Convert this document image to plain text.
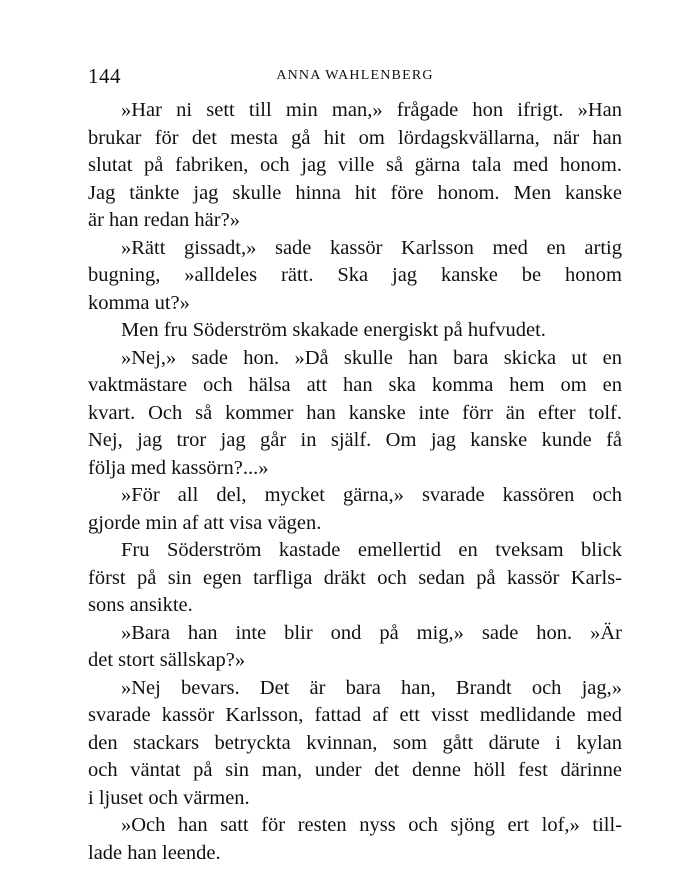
144	ANNA WAHLENBERG
»Har ni sett till min man,» frågade hon ifrigt. »Han
brukar för det mesta gå hit om lördagskvällarna, när han
slutat på fabriken, och jag ville så gärna tala med honom.
Jag tänkte jag skulle hinna hit före honom. Men kanske
är han redan här?»
»Rätt gissadt,» sade kassör Karlsson med en artig
bugning, »alldeles rätt. Ska jag kanske be honom
komma ut?»
Men fru Söderström skakade energiskt på hufvudet.
»Nej,» sade hon. »Då skulle han bara skicka ut en
vaktmästare och hälsa att han ska komma hem om en
kvart. Och så kommer han kanske inte förr än efter tolf.
Nej, jag tror jag går in själf. Om jag kanske kunde få
följa med kassörn?...»
»För all del, mycket gärna,» svarade kassören och
gjorde min af att visa vägen.
Fru Söderström kastade emellertid en tveksam blick
först på sin egen tarfliga dräkt och sedan på kassör Karls-
sons ansikte.
»Bara han inte blir ond på mig,» sade hon. »Är
det stort sällskap?»
»Nej bevars. Det är bara han, Brandt och jag,»
svarade kassör Karlsson, fattad af ett visst medlidande med
den stackars betryckta kvinnan, som gått därute i kylan
och väntat på sin man, under det denne höll fest därinne
i ljuset och värmen.
»Och han satt för resten nyss och sjöng ert lof,» till-
lade han leende.
